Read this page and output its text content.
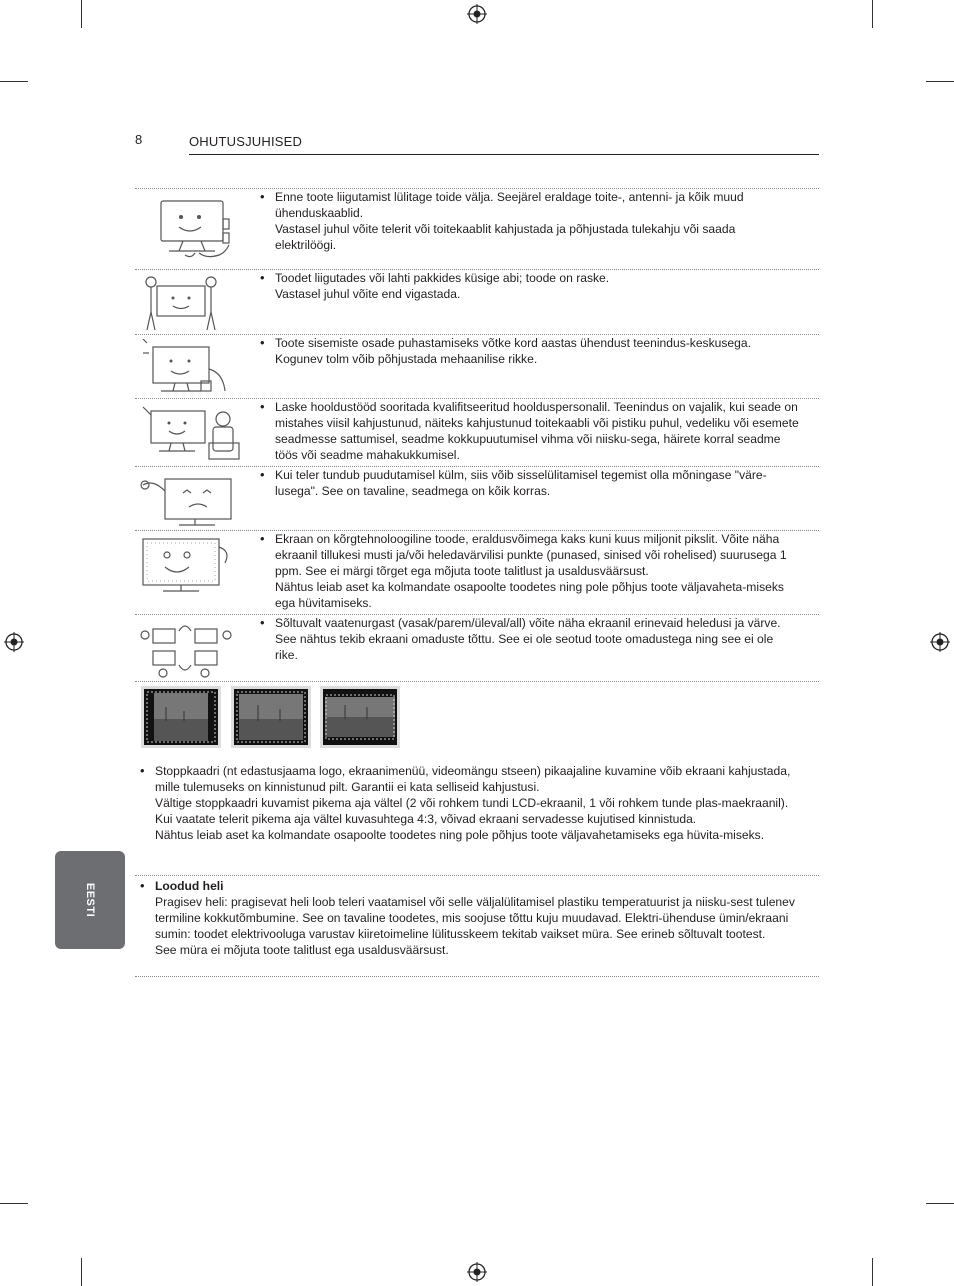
8	OHUTUSJUHISED
• Enne toote liigutamist lülitage toide välja. Seejärel eraldage toite-, antenni- ja kõik muud ühenduskaablid.
Vastasel juhul võite telerit või toitekaablit kahjustada ja põhjustada tulekahju või saada elektrilöögi.
• Toodet liigutades või lahti pakkides küsige abi; toode on raske.
Vastasel juhul võite end vigastada.
• Toote sisemiste osade puhastamiseks võtke kord aastas ühendust teenindus-keskusega. Kogunev tolm võib põhjustada mehaanilise rikke.
• Laske hooldustööd sooritada kvalifitseeritud hoolduspersonalil. Teenindus on vajalik, kui seade on mistahes viisil kahjustunud, näiteks kahjustunud toitekaabli või pistiku puhul, vedeliku või esemete seadmesse sattumisel, seadme kokkupuutumisel vihma või niisku-sega, häirete korral seadme töös või seadme mahakukkumisel.
• Kui teler tundub puudutamisel külm, siis võib sisselülitamisel tegemist olla mõningase "väre-lusega". See on tavaline, seadmega on kõik korras.
• Ekraan on kõrgtehnoloogiline toode, eraldusvõimega kaks kuni kuus miljonit pikslit. Võite näha ekraanil tillukesi musti ja/või heledavärvilisi punkte (punased, sinised või rohelised) suurusega 1 ppm. See ei märgi tõrget ega mõjuta toote talitlust ja usaldusväärsust.
Nähtus leiab aset ka kolmandate osapoolte toodetes ning pole põhjus toote väljavaheta-miseks ega hüvitamiseks.
• Sõltuvalt vaatenurgast (vasak/parem/üleval/all) võite näha ekraanil erinevaid heledusi ja värve.
See nähtus tekib ekraani omaduste tõttu. See ei ole seotud toote omadustega ning see ei ole rike.
• Stoppkaadri (nt edastusjaama logo, ekraanimenüü, videomängu stseen) pikaajaline kuvamine võib ekraani kahjustada, mille tulemuseks on kinnistunud pilt. Garantii ei kata selliseid kahjustusi.
Vältige stoppkaadri kuvamist pikema aja vältel (2 või rohkem tundi LCD-ekraanil, 1 või rohkem tunde plas-maekraanil).
Kui vaatate telerit pikema aja vältel kuvasuhtega 4:3, võivad ekraani servadesse kujutised kinnistuda.
Nähtus leiab aset ka kolmandate osapoolte toodetes ning pole põhjus toote väljavahetamiseks ega hüvita-miseks.
• Loodud heli
Pragisev heli: pragisevat heli loob teleri vaatamisel või selle väljalülitamisel plastiku temperatuurist ja niisku-sest tulenev termiline kokkutõmbumine. See on tavaline toodetes, mis soojuse tõttu kuju muudavad. Elektri-ühenduse ümin/ekraani sumin: toodet elektrivooluga varustav kiiretoimeline lülitusskeem tekitab vaikset müra. See erineb sõltuvalt tootest.
See müra ei mõjuta toote talitlust ega usaldusväärsust.
EESTI
